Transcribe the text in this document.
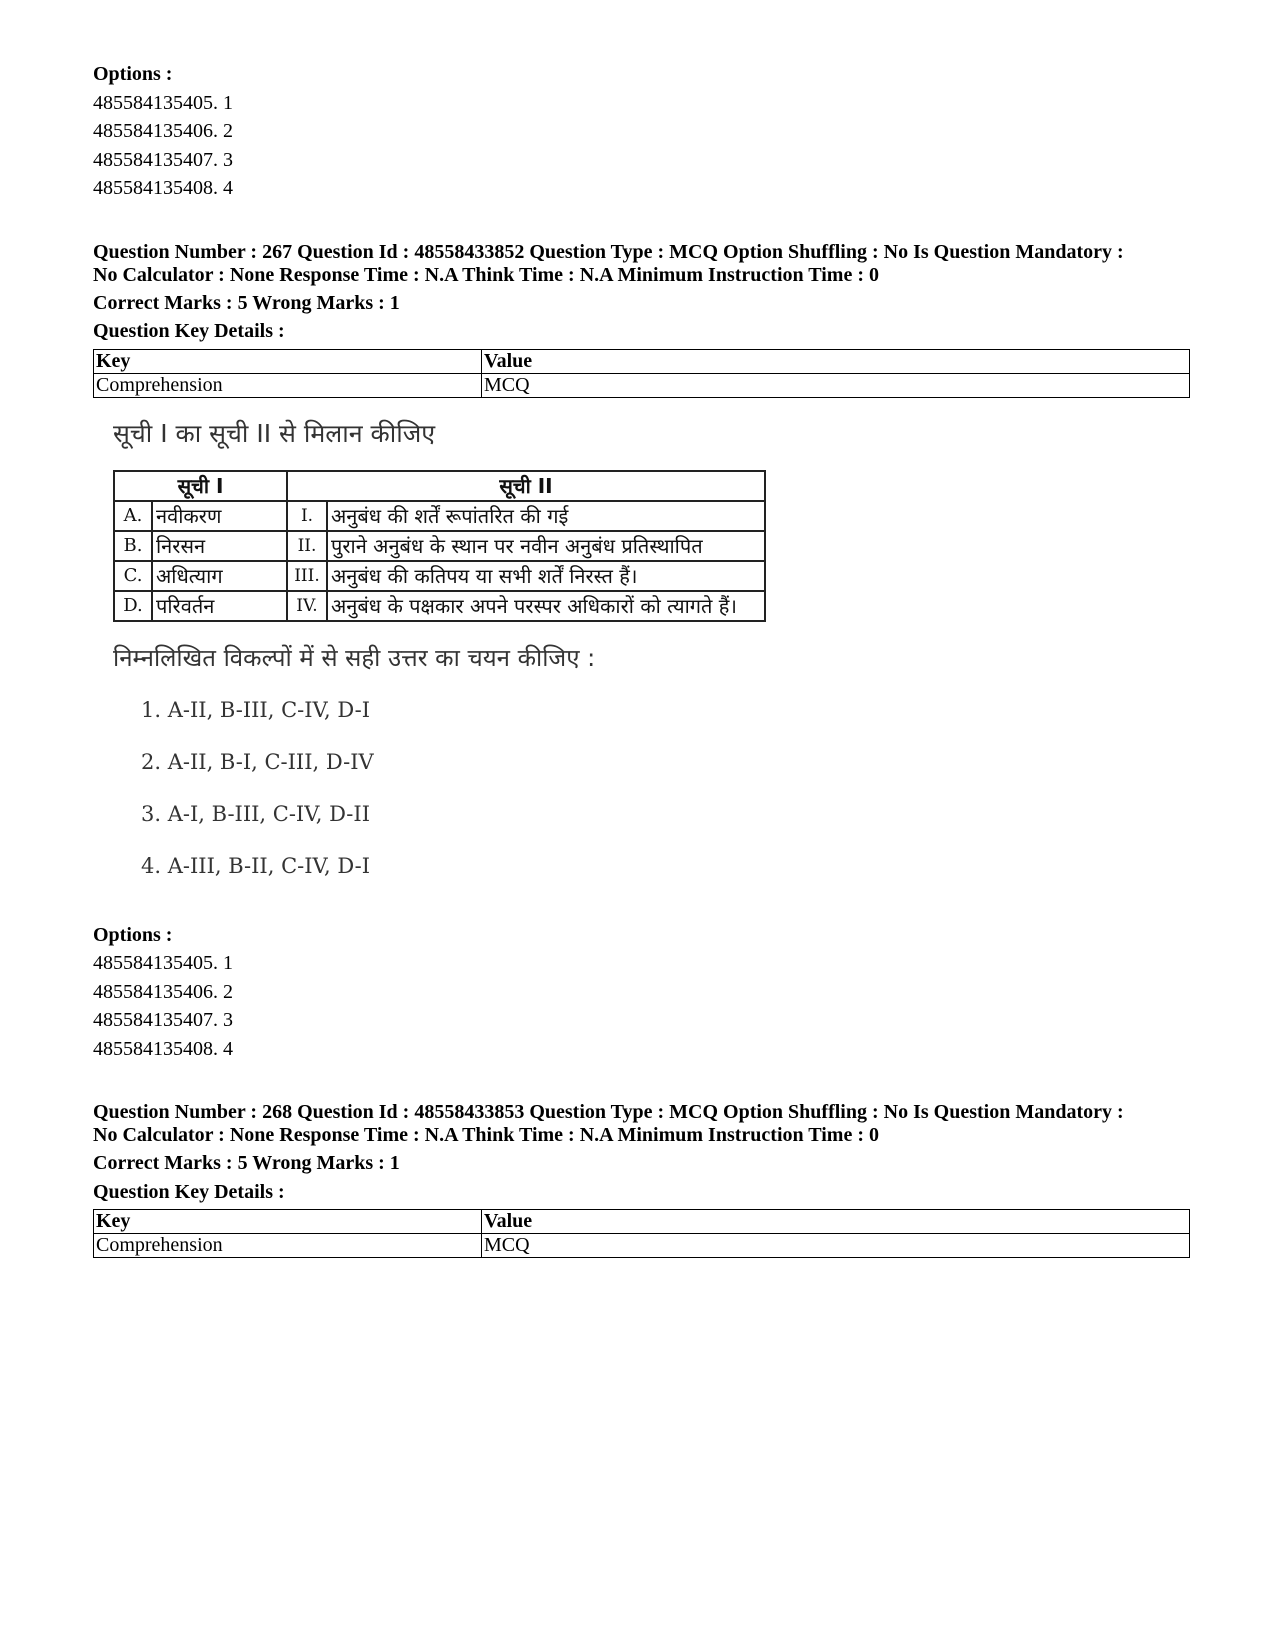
Options :
485584135405. 1
485584135406. 2
485584135407. 3
485584135408. 4
Question Number : 267 Question Id : 48558433852 Question Type : MCQ Option Shuffling : No Is Question Mandatory :
No Calculator : None Response Time : N.A Think Time : N.A Minimum Instruction Time : 0
Correct Marks : 5 Wrong Marks : 1
Question Key Details :
Key	Value
Comprehension	MCQ
सूची I का सूची II से मिलान कीजिए
सूची I		सूची II	
A.	नवीकरण	I.	अनुबंध की शर्तें रूपांतरित की गई
B.	निरसन	II.	पुराने अनुबंध के स्थान पर नवीन अनुबंध प्रतिस्थापित
C.	अधित्याग	III.	अनुबंध की कतिपय या सभी शर्तें निरस्त हैं।
D.	परिवर्तन	IV.	अनुबंध के पक्षकार अपने परस्पर अधिकारों को त्यागते हैं।
निम्नलिखित विकल्पों में से सही उत्तर का चयन कीजिए :
1. A-II, B-III, C-IV, D-I
2. A-II, B-I, C-III, D-IV
3. A-I, B-III, C-IV, D-II
4. A-III, B-II, C-IV, D-I
Options :
485584135405. 1
485584135406. 2
485584135407. 3
485584135408. 4
Question Number : 268 Question Id : 48558433853 Question Type : MCQ Option Shuffling : No Is Question Mandatory :
No Calculator : None Response Time : N.A Think Time : N.A Minimum Instruction Time : 0
Correct Marks : 5 Wrong Marks : 1
Question Key Details :
Key	Value
Comprehension	MCQ
